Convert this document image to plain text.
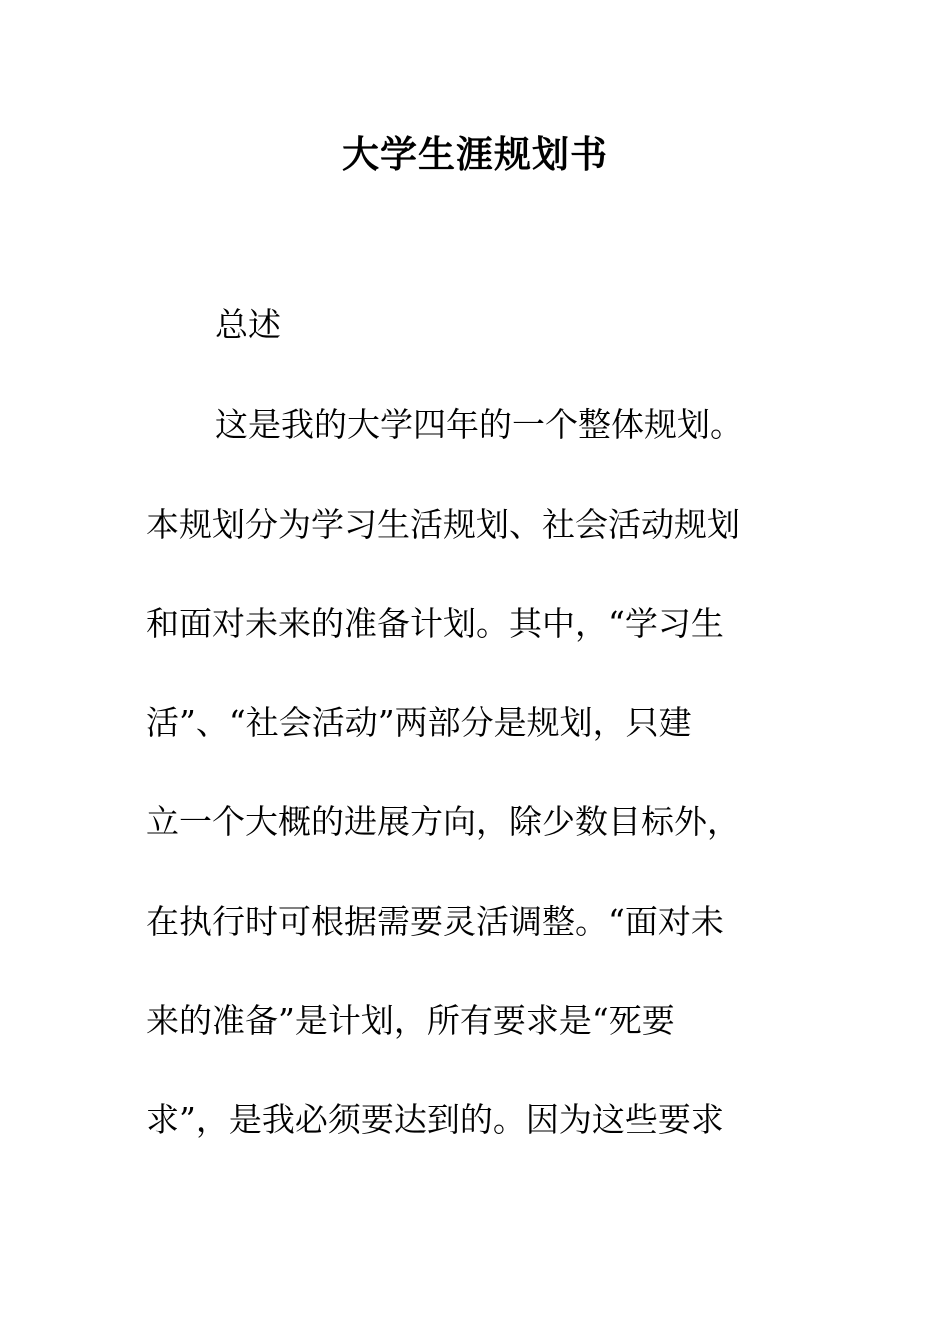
大学生涯规划书
总述
这是我的大学四年的一个整体规划。
本规划分为学习生活规划、社会活动规划
和面对未来的准备计划。其中，“学习生
活”、“社会活动”两部分是规划，只建
立一个大概的进展方向，除少数目标外，
在执行时可根据需要灵活调整。“面对未
来的准备”是计划，所有要求是“死要
求”，是我必须要达到的。因为这些要求
